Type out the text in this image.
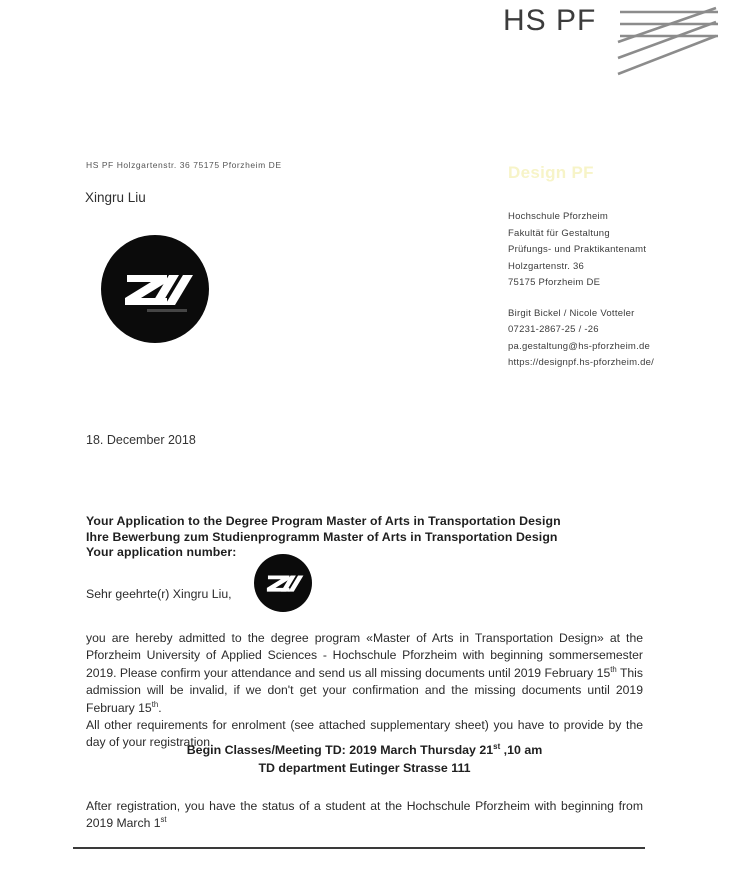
HS PF
HS PF Holzgartenstr. 36 75175 Pforzheim DE
Xingru Liu
Design PF
Hochschule Pforzheim
Fakultät für Gestaltung
Prüfungs- und Praktikantenamt
Holzgartenstr. 36
75175 Pforzheim DE
Birgit Bickel / Nicole Votteler
07231-2867-25 / -26
pa.gestaltung@hs-pforzheim.de
https://designpf.hs-pforzheim.de/
18. December 2018
Your Application to the Degree Program Master of Arts in Transportation Design
Ihre Bewerbung zum Studienprogramm Master of Arts in Transportation Design
Your application number:
Sehr geehrte(r) Xingru Liu,

you are hereby admitted to the degree program «Master of Arts in Transportation Design» at the Pforzheim University of Applied Sciences - Hochschule Pforzheim with beginning sommersemester 2019. Please confirm your attendance and send us all missing documents until 2019 February 15th This admission will be invalid, if we don't get your confirmation and the missing documents until 2019 February 15th.

All other requirements for enrolment (see attached supplementary sheet) you have to provide by the day of your registration.

Begin Classes/Meeting TD: 2019 March Thursday 21st ,10 am
TD department Eutinger Strasse 111
After registration, you have the status of a student at the Hochschule Pforzheim with beginning from 2019 March 1st
